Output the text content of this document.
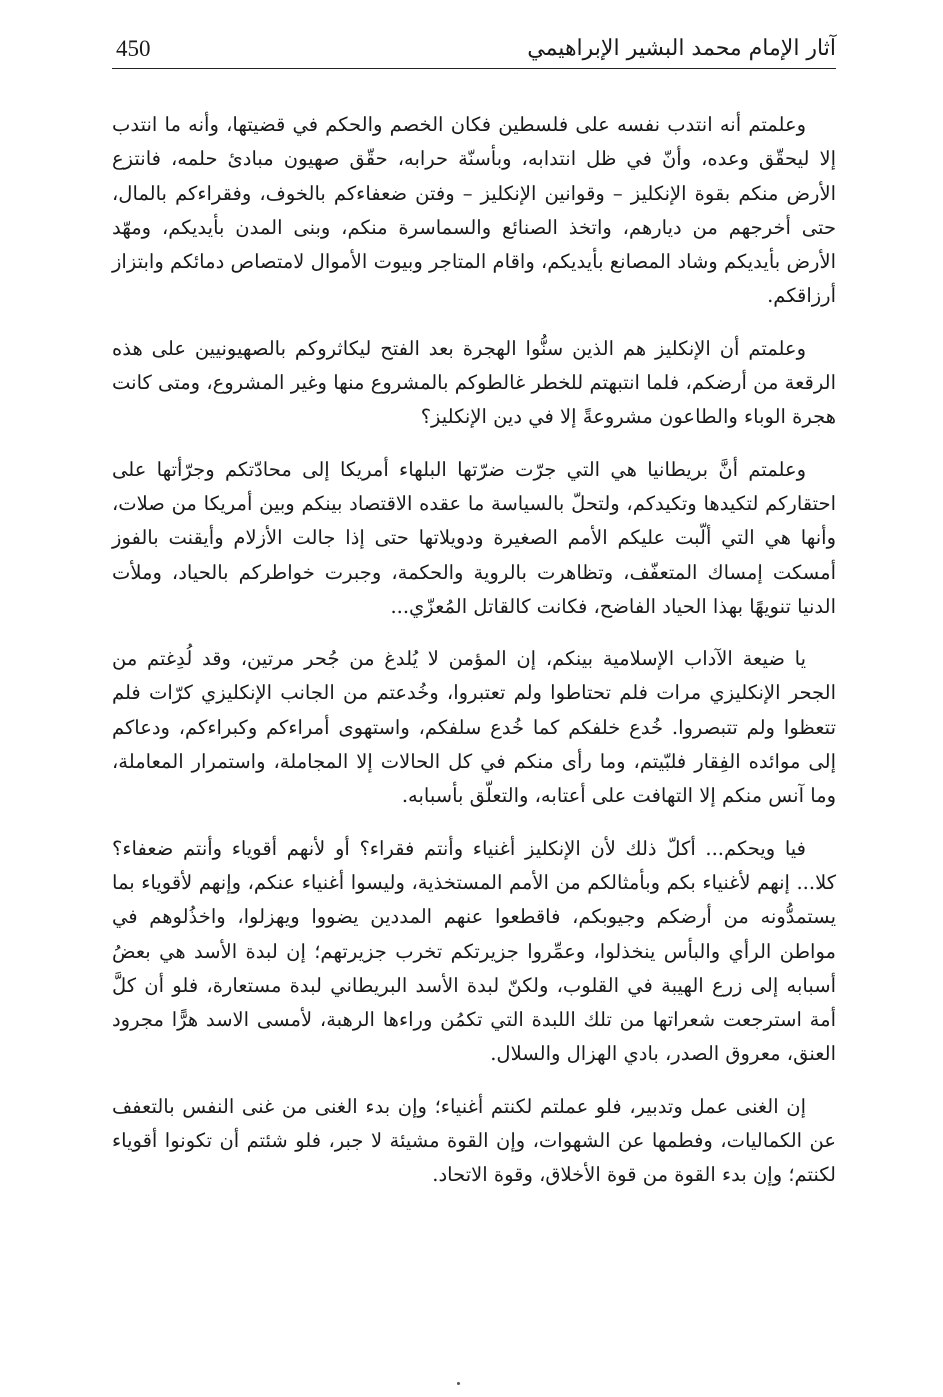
آثار الإمام محمد البشير الإبراهيمي
450

وعلمتم أنه انتدب نفسه على فلسطين فكان الخصم والحكم في قضيتها، وأنه ما انتدب إلا ليحقّق وعده، وأنّ في ظل انتدابه، وبأسنّة حرابه، حقّق صهيون مبادئ حلمه، فانتزع الأرض منكم بقوة الإنكليز – وقوانين الإنكليز – وفتن ضعفاءكم بالخوف، وفقراءكم بالمال، حتى أخرجهم من ديارهم، واتخذ الصنائع والسماسرة منكم، وبنى المدن بأيديكم، ومهّد الأرض بأيديكم وشاد المصانع بأيديكم، واقام المتاجر وبيوت الأموال لامتصاص دمائكم وابتزاز أرزاقكم.

وعلمتم أن الإنكليز هم الذين سنُّوا الهجرة بعد الفتح ليكاثروكم بالصهيونيين على هذه الرقعة من أرضكم، فلما انتبهتم للخطر غالطوكم بالمشروع منها وغير المشروع، ومتى كانت هجرة الوباء والطاعون مشروعةً إلا في دين الإنكليز؟

وعلمتم أنَّ بريطانيا هي التي جرّت ضرّتها البلهاء أمريكا إلى محادّتكم وجرّأتها على احتقاركم لتكيدها وتكيدكم، ولتحلّ بالسياسة ما عقده الاقتصاد بينكم وبين أمريكا من صلات، وأنها هي التي ألّبت عليكم الأمم الصغيرة ودويلاتها حتى إذا جالت الأزلام وأيقنت بالفوز أمسكت إمساك المتعفّف، وتظاهرت بالروية والحكمة، وجبرت خواطركم بالحياد، وملأت الدنيا تنويهًا بهذا الحياد الفاضح، فكانت كالقاتل المُعزّي...

يا ضيعة الآداب الإسلامية بينكم، إن المؤمن لا يُلدغ من جُحر مرتين، وقد لُدِغتم من الجحر الإنكليزي مرات فلم تحتاطوا ولم تعتبروا، وخُدعتم من الجانب الإنكليزي كرّات فلم تتعظوا ولم تتبصروا. خُدع خلفكم كما خُدع سلفكم، واستهوى أمراءكم وكبراءكم، ودعاكم إلى موائده الفِقار فلبّيتم، وما رأى منكم في كل الحالات إلا المجاملة، واستمرار المعاملة، وما آنس منكم إلا التهافت على أعتابه، والتعلّق بأسبابه.

فيا ويحكم... أكلّ ذلك لأن الإنكليز أغنياء وأنتم فقراء؟ أو لأنهم أقوياء وأنتم ضعفاء؟ كلا... إنهم لأغنياء بكم وبأمثالكم من الأمم المستخذية، وليسوا أغنياء عنكم، وإنهم لأقوياء بما يستمدُّونه من أرضكم وجيوبكم، فاقطعوا عنهم المددين يضووا ويهزلوا، واخذُلوهم في مواطن الرأي والبأس ينخذلوا، وعمِّروا جزيرتكم تخرب جزيرتهم؛ إن لبدة الأسد هي بعضُ أسبابه إلى زرع الهيبة في القلوب، ولكنّ لبدة الأسد البريطاني لبدة مستعارة، فلو أن كلَّ أمة استرجعت شعراتها من تلك اللبدة التي تكمُن وراءها الرهبة، لأمسى الاسد هرًّا مجرود العنق، معروق الصدر، بادي الهزال والسلال.

إن الغنى عمل وتدبير، فلو عملتم لكنتم أغنياء؛ وإن بدء الغنى من غنى النفس بالتعفف عن الكماليات، وفطمها عن الشهوات، وإن القوة مشيئة لا جبر، فلو شئتم أن تكونوا أقوياء لكنتم؛ وإن بدء القوة من قوة الأخلاق، وقوة الاتحاد.
